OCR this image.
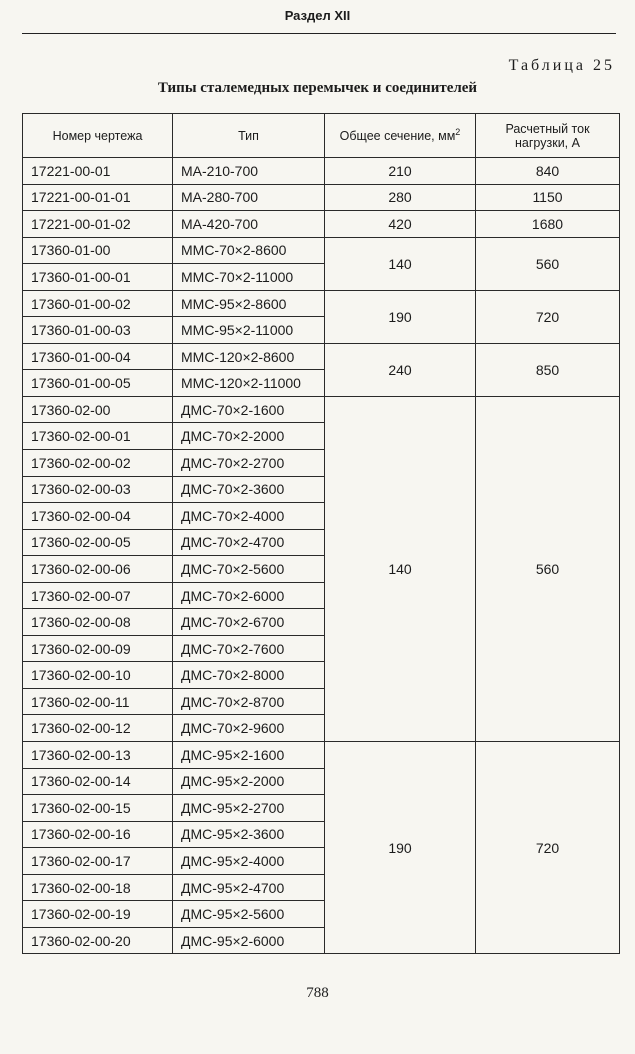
Раздел XII
Таблица 25
Типы сталемедных перемычек и соединителей
Номер чертежа	Тип	Общее сечение, $мм^2$	Расчетный ток нагрузки, А
17221-00-01	МА-210-700	210	840
17221-00-01-01	МА-280-700	280	1150
17221-00-01-02	МА-420-700	420	1680
17360-01-00	ММС-70×2-8600	140	560
17360-01-00-01	ММС-70×2-11000		
17360-01-00-02	ММС-95×2-8600	190	720
17360-01-00-03	ММС-95×2-11000		
17360-01-00-04	ММС-120×2-8600	240	850
17360-01-00-05	ММС-120×2-11000		
17360-02-00	ДМС-70×2-1600	140	560
17360-02-00-01	ДМС-70×2-2000		
17360-02-00-02	ДМС-70×2-2700		
17360-02-00-03	ДМС-70×2-3600		
17360-02-00-04	ДМС-70×2-4000		
17360-02-00-05	ДМС-70×2-4700		
17360-02-00-06	ДМС-70×2-5600		
17360-02-00-07	ДМС-70×2-6000		
17360-02-00-08	ДМС-70×2-6700		
17360-02-00-09	ДМС-70×2-7600		
17360-02-00-10	ДМС-70×2-8000		
17360-02-00-11	ДМС-70×2-8700		
17360-02-00-12	ДМС-70×2-9600		
17360-02-00-13	ДМС-95×2-1600	190	720
17360-02-00-14	ДМС-95×2-2000		
17360-02-00-15	ДМС-95×2-2700		
17360-02-00-16	ДМС-95×2-3600		
17360-02-00-17	ДМС-95×2-4000		
17360-02-00-18	ДМС-95×2-4700		
17360-02-00-19	ДМС-95×2-5600		
17360-02-00-20	ДМС-95×2-6000		
788
